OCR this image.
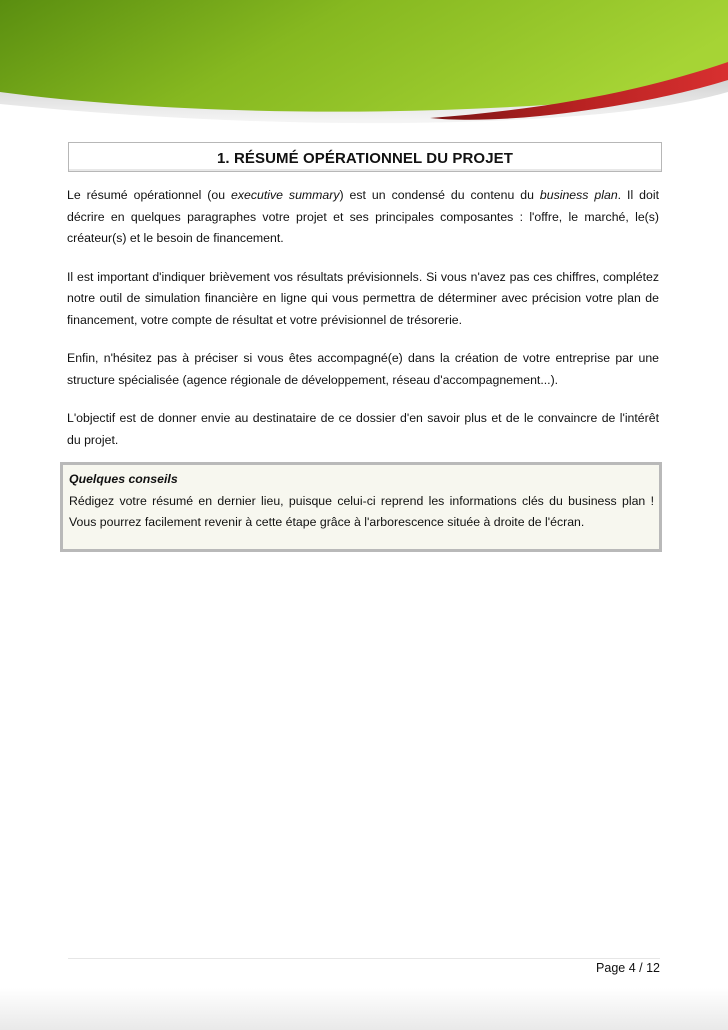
1. RÉSUMÉ OPÉRATIONNEL DU PROJET

Le résumé opérationnel (ou executive summary) est un condensé du contenu du business plan. Il doit décrire en quelques paragraphes votre projet et ses principales composantes : l'offre, le marché, le(s) créateur(s) et le besoin de financement.

Il est important d'indiquer brièvement vos résultats prévisionnels. Si vous n'avez pas ces chiffres, complétez notre outil de simulation financière en ligne qui vous permettra de déterminer avec précision votre plan de financement, votre compte de résultat et votre prévisionnel de trésorerie.

Enfin, n'hésitez pas à préciser si vous êtes accompagné(e) dans la création de votre entreprise par une structure spécialisée (agence régionale de développement, réseau d'accompagnement...).

L'objectif est de donner envie au destinataire de ce dossier d'en savoir plus et de le convaincre de l'intérêt du projet.

Quelques conseils
Rédigez votre résumé en dernier lieu, puisque celui-ci reprend les informations clés du business plan ! Vous pourrez facilement revenir à cette étape grâce à l'arborescence située à droite de l'écran.
Page 4 / 12
